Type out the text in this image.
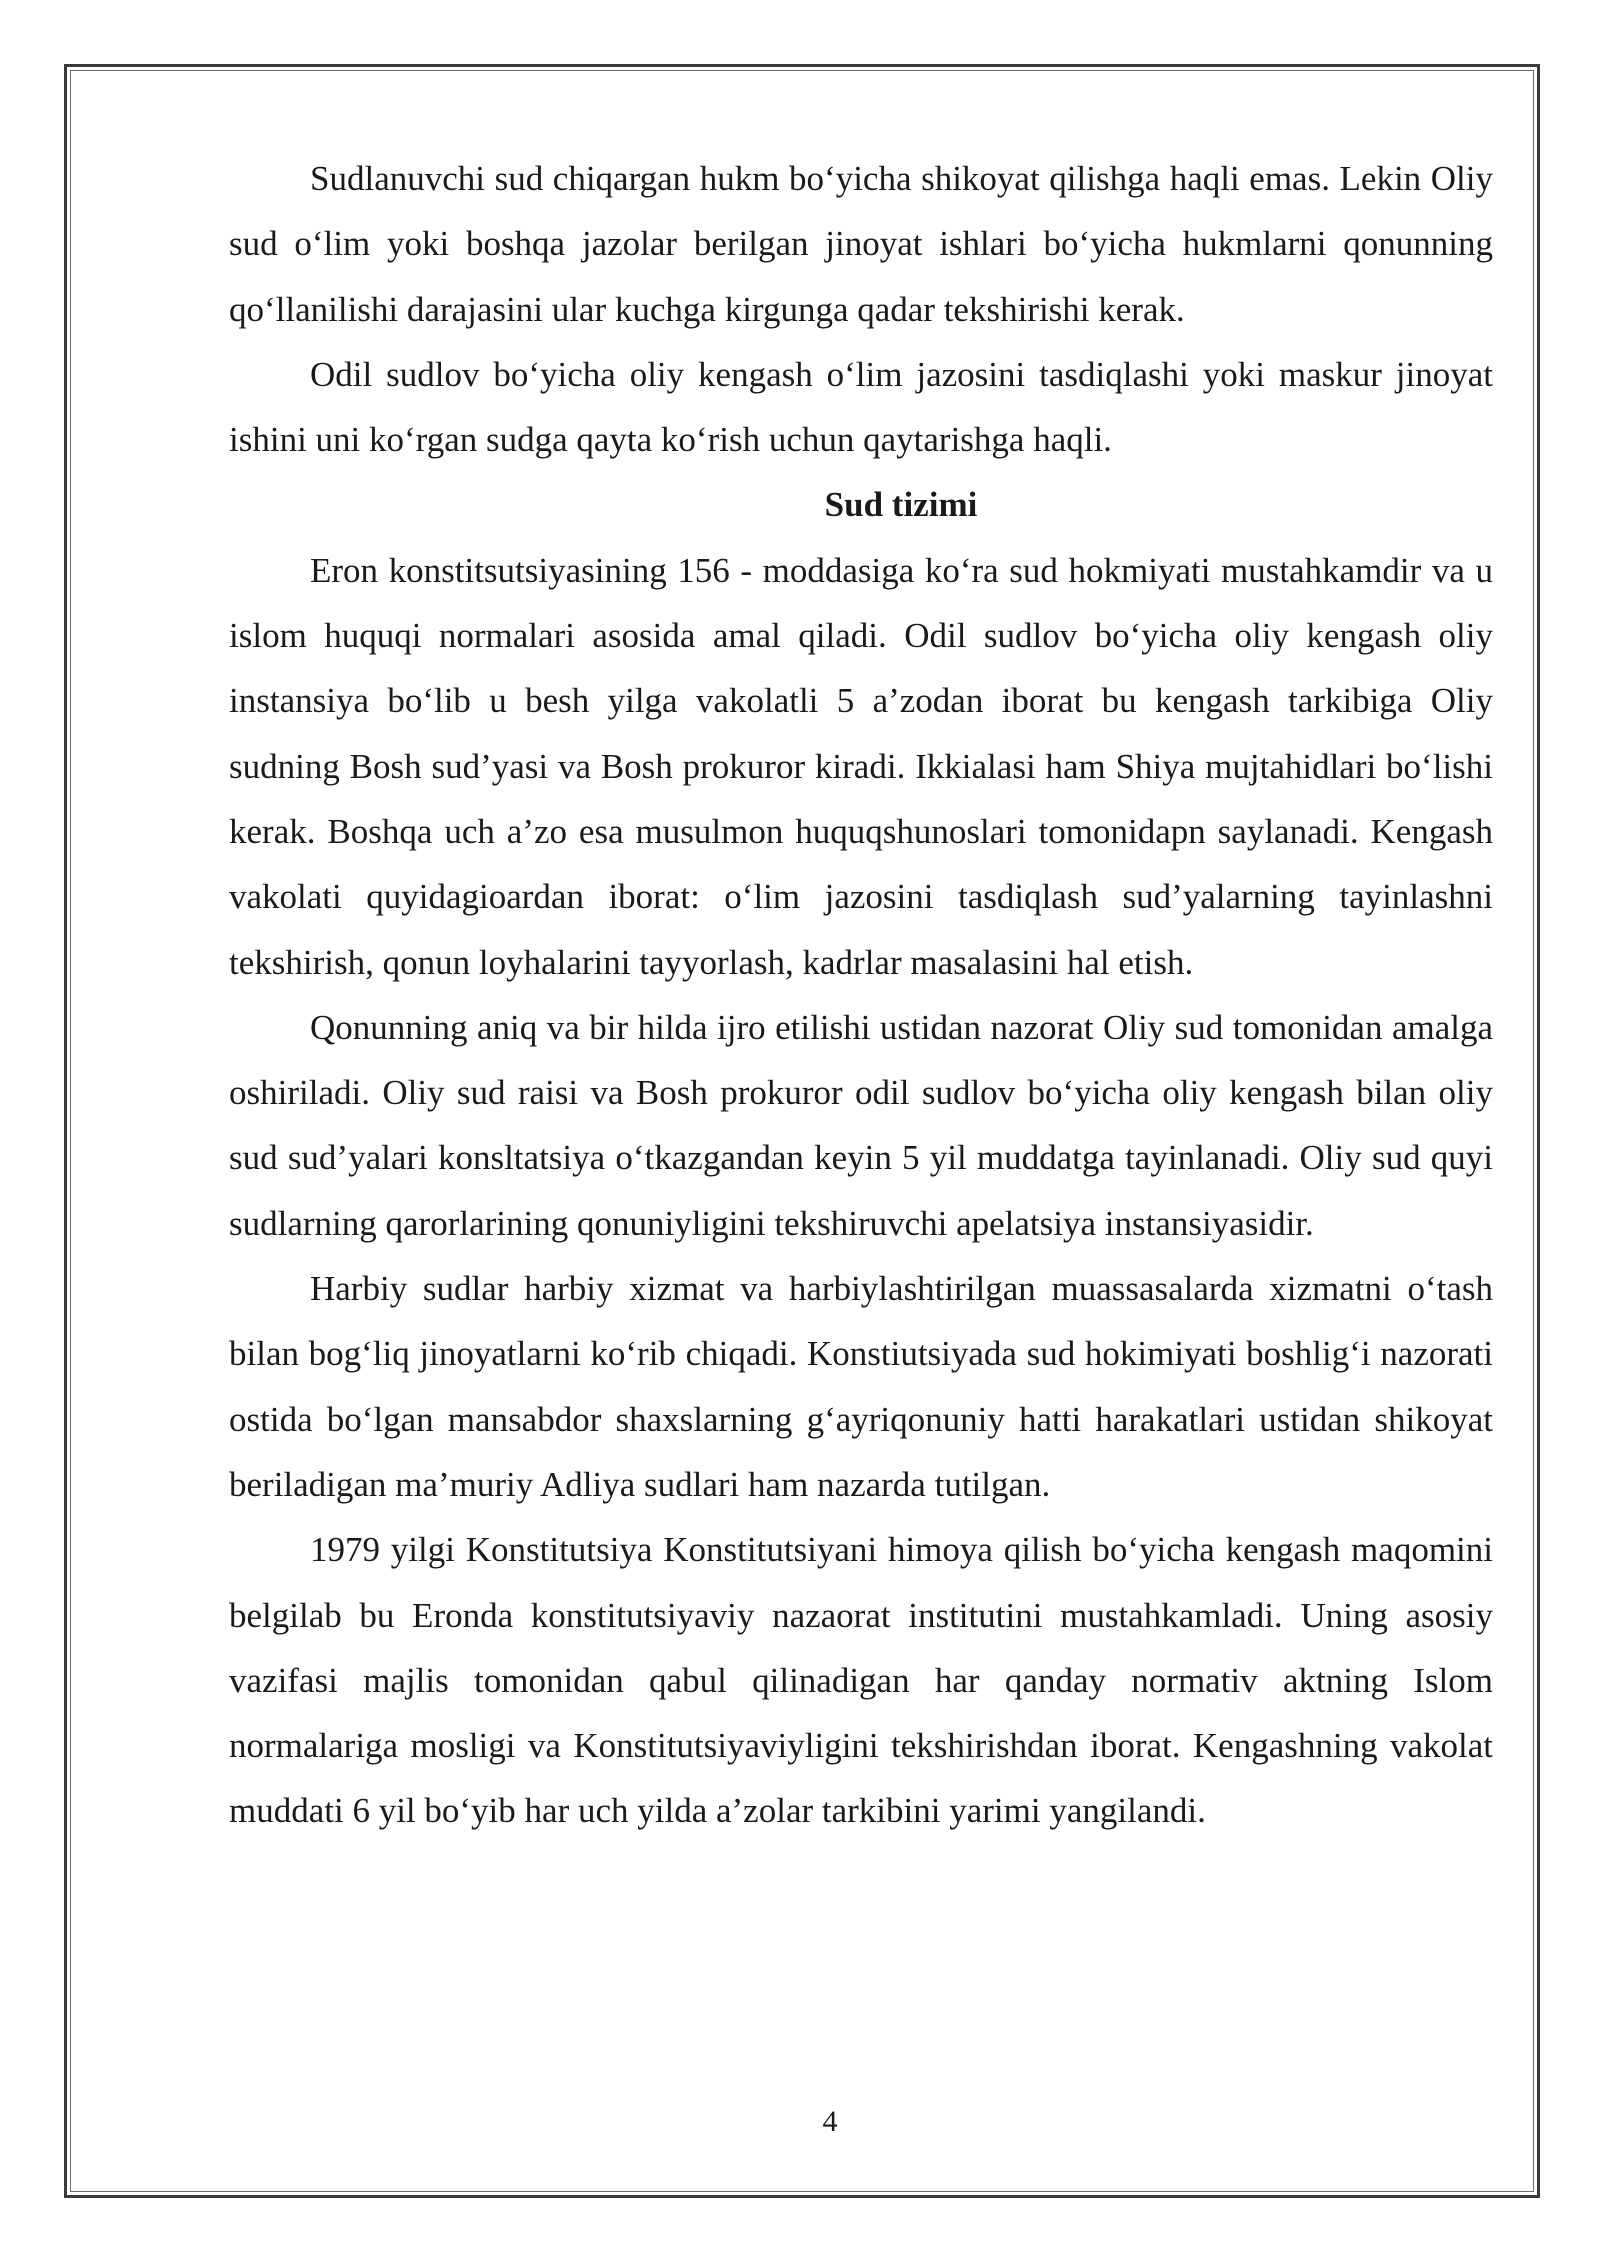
Sudlanuvchi sud chiqargan hukm bo‘yicha shikoyat qilishga haqli emas. Lekin Oliy sud o‘lim yoki boshqa jazolar berilgan jinoyat ishlari bo‘yicha hukmlarni qonunning qo‘llanilishi darajasini ular kuchga kirgunga qadar tekshirishi kerak.

Odil sudlov bo‘yicha oliy kengash o‘lim jazosini tasdiqlashi yoki maskur jinoyat ishini uni ko‘rgan sudga qayta ko‘rish uchun qaytarishga haqli.

Sud tizimi

Eron konstitsutsiyasining 156 - moddasiga ko‘ra sud hokmiyati mustahkamdir va u islom huquqi normalari asosida amal qiladi. Odil sudlov bo‘yicha oliy kengash oliy instansiya bo‘lib u besh yilga vakolatli 5 a’zodan iborat bu kengash tarkibiga Oliy sudning Bosh sud’yasi va Bosh prokuror kiradi. Ikkialasi ham Shiya mujtahidlari bo‘lishi kerak. Boshqa uch a’zo esa musulmon huquqshunoslari tomonidapn saylanadi. Kengash vakolati quyidagioardan iborat: o‘lim jazosini tasdiqlash sud’yalarning tayinlashni tekshirish, qonun loyhalarini tayyorlash, kadrlar masalasini hal etish.

Qonunning aniq va bir hilda ijro etilishi ustidan nazorat Oliy sud tomonidan amalga oshiriladi. Oliy sud raisi va Bosh prokuror odil sudlov bo‘yicha oliy kengash bilan oliy sud sud’yalari konsltatsiya o‘tkazgandan keyin 5 yil muddatga tayinlanadi. Oliy sud quyi sudlarning qarorlarining qonuniyligini tekshiruvchi apelatsiya instansiyasidir.

Harbiy sudlar harbiy xizmat va harbiylashtirilgan muassasalarda xizmatni o‘tash bilan bog‘liq jinoyatlarni ko‘rib chiqadi. Konstiutsiyada sud hokimiyati boshlig‘i nazorati ostida bo‘lgan mansabdor shaxslarning g‘ayriqonuniy hatti harakatlari ustidan shikoyat beriladigan ma’muriy Adliya sudlari ham nazarda tutilgan.

1979 yilgi Konstitutsiya Konstitutsiyani himoya qilish bo‘yicha kengash maqomini belgilab bu Eronda konstitutsiyaviy nazaorat institutini mustahkamladi. Uning asosiy vazifasi majlis tomonidan qabul qilinadigan har qanday normativ aktning Islom normalariga mosligi va Konstitutsiyaviyligini tekshirishdan iborat. Kengashning vakolat muddati 6 yil bo‘yib har uch yilda a’zolar tarkibini yarimi yangilandi.

4
